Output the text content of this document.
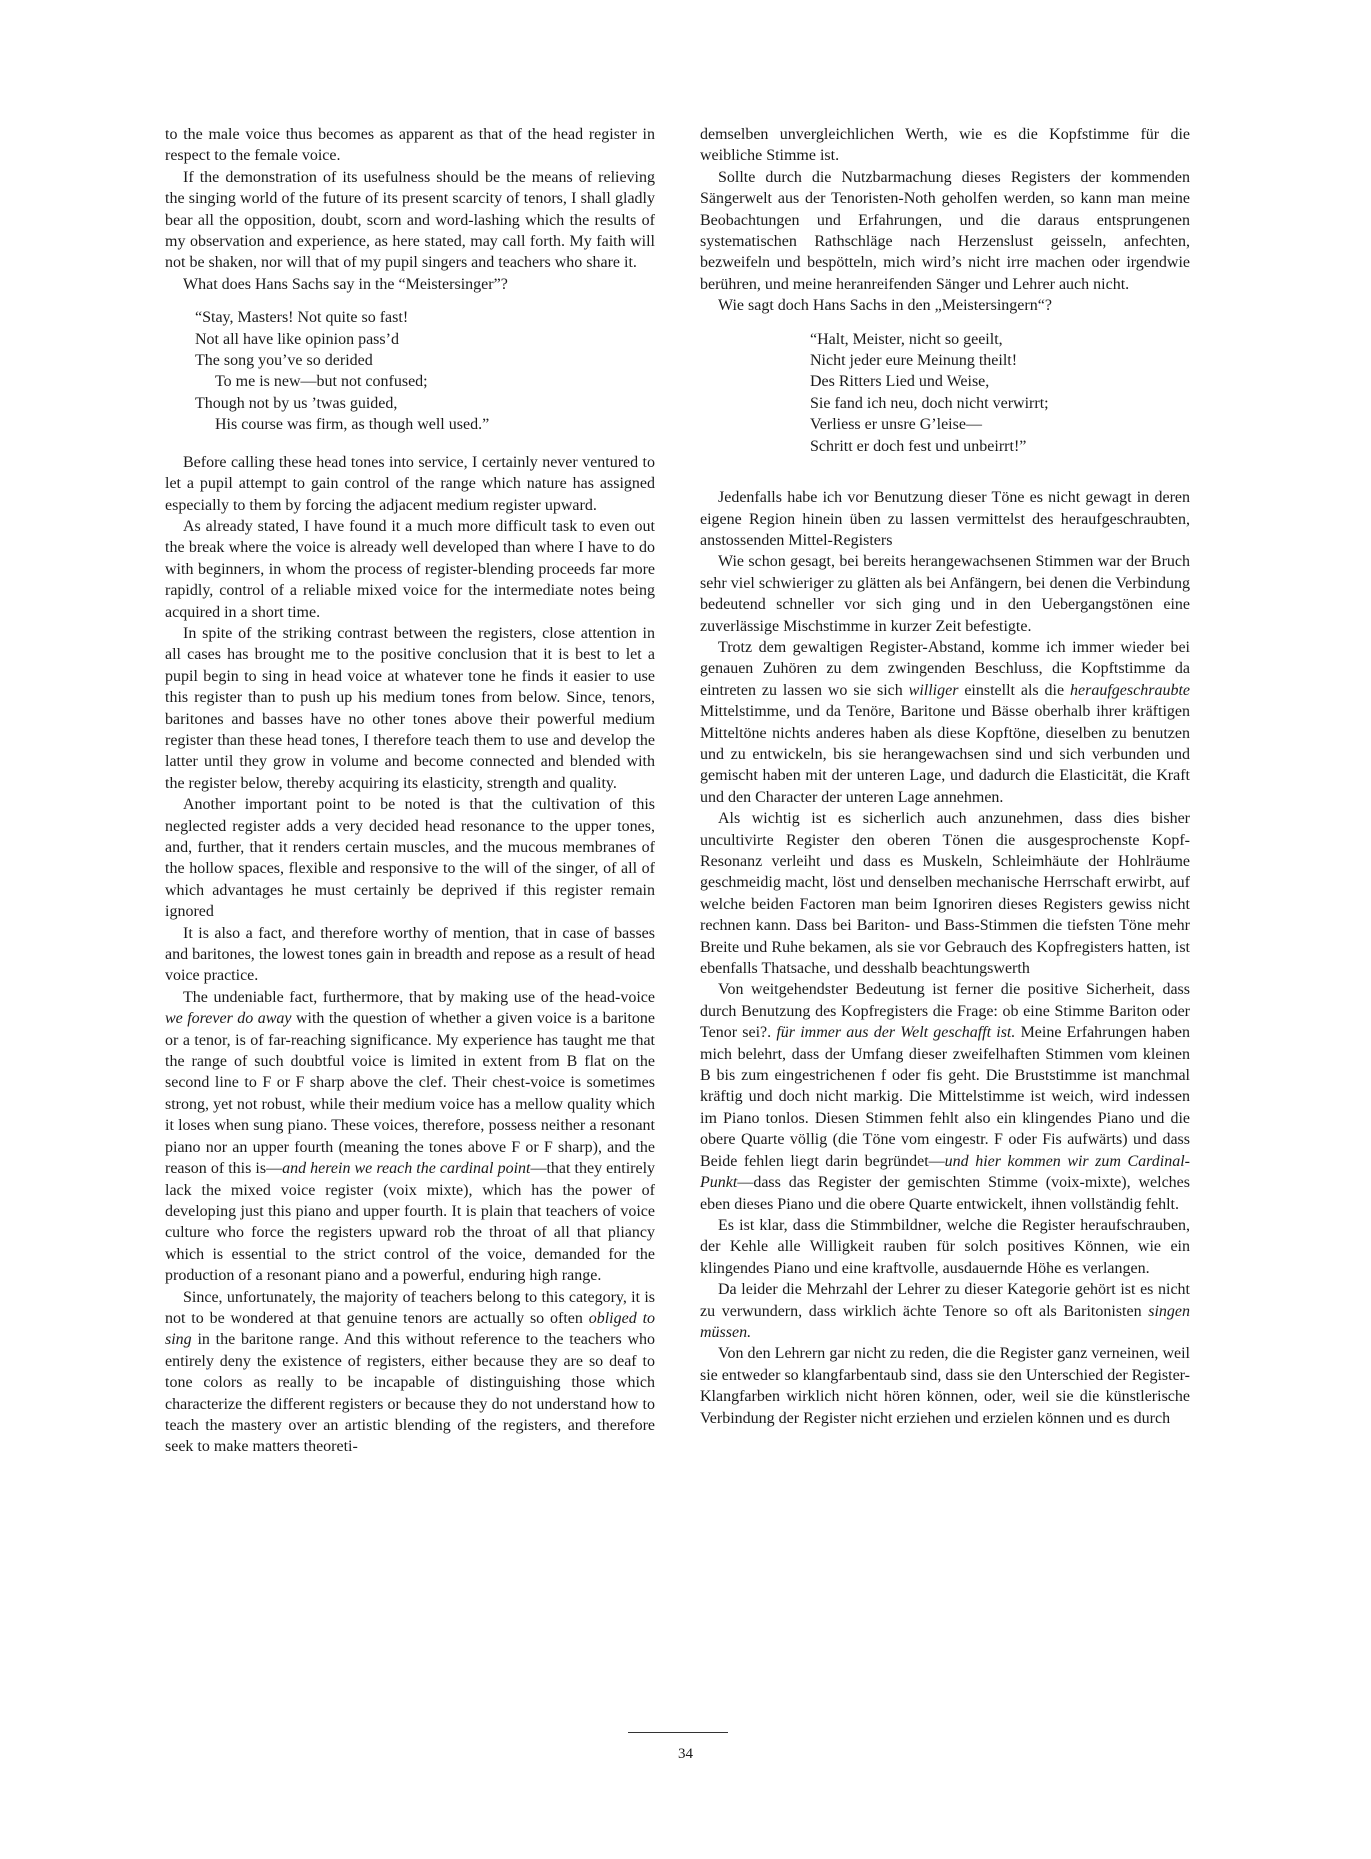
to the male voice thus becomes as apparent as that of the head register in respect to the female voice.

If the demonstration of its usefulness should be the means of relieving the singing world of the future of its present scarcity of tenors, I shall gladly bear all the opposition, doubt, scorn and word-lashing which the results of my observation and experience, as here stated, may call forth. My faith will not be shaken, nor will that of my pupil singers and teachers who share it.

What does Hans Sachs say in the “Meistersinger”?

“Stay, Masters! Not quite so fast!
Not all have like opinion pass’d
The song you’ve so derided
To me is new—but not confused;
Though not by us ’twas guided,
His course was firm, as though well used.”

Before calling these head tones into service, I certainly never ventured to let a pupil attempt to gain control of the range which nature has assigned especially to them by forcing the adjacent medium register upward.

As already stated, I have found it a much more difficult task to even out the break where the voice is already well developed than where I have to do with beginners, in whom the process of register-blending proceeds far more rapidly, control of a reliable mixed voice for the intermediate notes being acquired in a short time.

In spite of the striking contrast between the registers, close attention in all cases has brought me to the positive conclusion that it is best to let a pupil begin to sing in head voice at whatever tone he finds it easier to use this register than to push up his medium tones from below. Since, tenors, baritones and basses have no other tones above their powerful medium register than these head tones, I therefore teach them to use and develop the latter until they grow in volume and become connected and blended with the register below, thereby acquiring its elasticity, strength and quality.

Another important point to be noted is that the cultivation of this neglected register adds a very decided head resonance to the upper tones, and, further, that it renders certain muscles, and the mucous membranes of the hollow spaces, flexible and responsive to the will of the singer, of all of which advantages he must certainly be deprived if this register remain ignored

It is also a fact, and therefore worthy of mention, that in case of basses and baritones, the lowest tones gain in breadth and repose as a result of head voice practice.

The undeniable fact, furthermore, that by making use of the head-voice we forever do away with the question of whether a given voice is a baritone or a tenor, is of far-reaching significance. My experience has taught me that the range of such doubtful voice is limited in extent from B flat on the second line to F or F sharp above the clef. Their chest-voice is sometimes strong, yet not robust, while their medium voice has a mellow quality which it loses when sung piano. These voices, therefore, possess neither a resonant piano nor an upper fourth (meaning the tones above F or F sharp), and the reason of this is—and herein we reach the cardinal point—that they entirely lack the mixed voice register (voix mixte), which has the power of developing just this piano and upper fourth. It is plain that teachers of voice culture who force the registers upward rob the throat of all that pliancy which is essential to the strict control of the voice, demanded for the production of a resonant piano and a powerful, enduring high range.

Since, unfortunately, the majority of teachers belong to this category, it is not to be wondered at that genuine tenors are actually so often obliged to sing in the baritone range. And this without reference to the teachers who entirely deny the existence of registers, either because they are so deaf to tone colors as really to be incapable of distinguishing those which characterize the different registers or because they do not understand how to teach the mastery over an artistic blending of the registers, and therefore seek to make matters theoreti-

demselben unvergleichlichen Werth, wie es die Kopfstimme für die weibliche Stimme ist.

Sollte durch die Nutzbarmachung dieses Registers der kommenden Sängerwelt aus der Tenoristen-Noth geholfen werden, so kann man meine Beobachtungen und Erfahrungen, und die daraus entsprungenen systematischen Rathschläge nach Herzenslust geisseln, anfechten, bezweifeln und bespötteln, mich wird’s nicht irre machen oder irgendwie berühren, und meine heranreifenden Sänger und Lehrer auch nicht.

Wie sagt doch Hans Sachs in den „Meistersingern“?

“Halt, Meister, nicht so geeilt,
Nicht jeder eure Meinung theilt!
Des Ritters Lied und Weise,
Sie fand ich neu, doch nicht verwirrt;
Verliess er unsre G’leise—
Schritt er doch fest und unbeirrt!”

Jedenfalls habe ich vor Benutzung dieser Töne es nicht gewagt in deren eigene Region hinein üben zu lassen vermittelst des heraufgeschraubten, anstossenden Mittel-Registers

Wie schon gesagt, bei bereits herangewachsenen Stimmen war der Bruch sehr viel schwieriger zu glätten als bei Anfängern, bei denen die Verbindung bedeutend schneller vor sich ging und in den Uebergangstönen eine zuverlässige Mischstimme in kurzer Zeit befestigte.

Trotz dem gewaltigen Register-Abstand, komme ich immer wieder bei genauen Zuhören zu dem zwingenden Beschluss, die Kopftstimme da eintreten zu lassen wo sie sich williger einstellt als die heraufgeschraubte Mittelstimme, und da Tenöre, Baritone und Bässe oberhalb ihrer kräftigen Mitteltöne nichts anderes haben als diese Kopftöne, dieselben zu benutzen und zu entwickeln, bis sie herangewachsen sind und sich verbunden und gemischt haben mit der unteren Lage, und dadurch die Elasticität, die Kraft und den Character der unteren Lage annehmen.

Als wichtig ist es sicherlich auch anzunehmen, dass dies bisher uncultivirte Register den oberen Tönen die ausgesprochenste Kopf-Resonanz verleiht und dass es Muskeln, Schleimhäute der Hohlräume geschmeidig macht, löst und denselben mechanische Herrschaft erwirbt, auf welche beiden Factoren man beim Ignoriren dieses Registers gewiss nicht rechnen kann. Dass bei Bariton- und Bass-Stimmen die tiefsten Töne mehr Breite und Ruhe bekamen, als sie vor Gebrauch des Kopfregisters hatten, ist ebenfalls Thatsache, und desshalb beachtungswerth

Von weitgehendster Bedeutung ist ferner die positive Sicherheit, dass durch Benutzung des Kopfregisters die Frage: ob eine Stimme Bariton oder Tenor sei?. für immer aus der Welt geschafft ist. Meine Erfahrungen haben mich belehrt, dass der Umfang dieser zweifelhaften Stimmen vom kleinen B bis zum eingestrichenen f oder fis geht. Die Bruststimme ist manchmal kräftig und doch nicht markig. Die Mittelstimme ist weich, wird indessen im Piano tonlos. Diesen Stimmen fehlt also ein klingendes Piano und die obere Quarte völlig (die Töne vom eingestr. F oder Fis aufwärts) und dass Beide fehlen liegt darin begründet—und hier kommen wir zum Cardinal-Punkt—dass das Register der gemischten Stimme (voix-mixte), welches eben dieses Piano und die obere Quarte entwickelt, ihnen vollständig fehlt.

Es ist klar, dass die Stimmbildner, welche die Register heraufschrauben, der Kehle alle Willigkeit rauben für solch positives Können, wie ein klingendes Piano und eine kraftvolle, ausdauernde Höhe es verlangen.

Da leider die Mehrzahl der Lehrer zu dieser Kategorie gehört ist es nicht zu verwundern, dass wirklich ächte Tenore so oft als Baritonisten singen müssen.

Von den Lehrern gar nicht zu reden, die die Register ganz verneinen, weil sie entweder so klangfarbentaub sind, dass sie den Unterschied der Register-Klangfarben wirklich nicht hören können, oder, weil sie die künstlerische Verbindung der Register nicht erziehen und erzielen können und es durch

34
